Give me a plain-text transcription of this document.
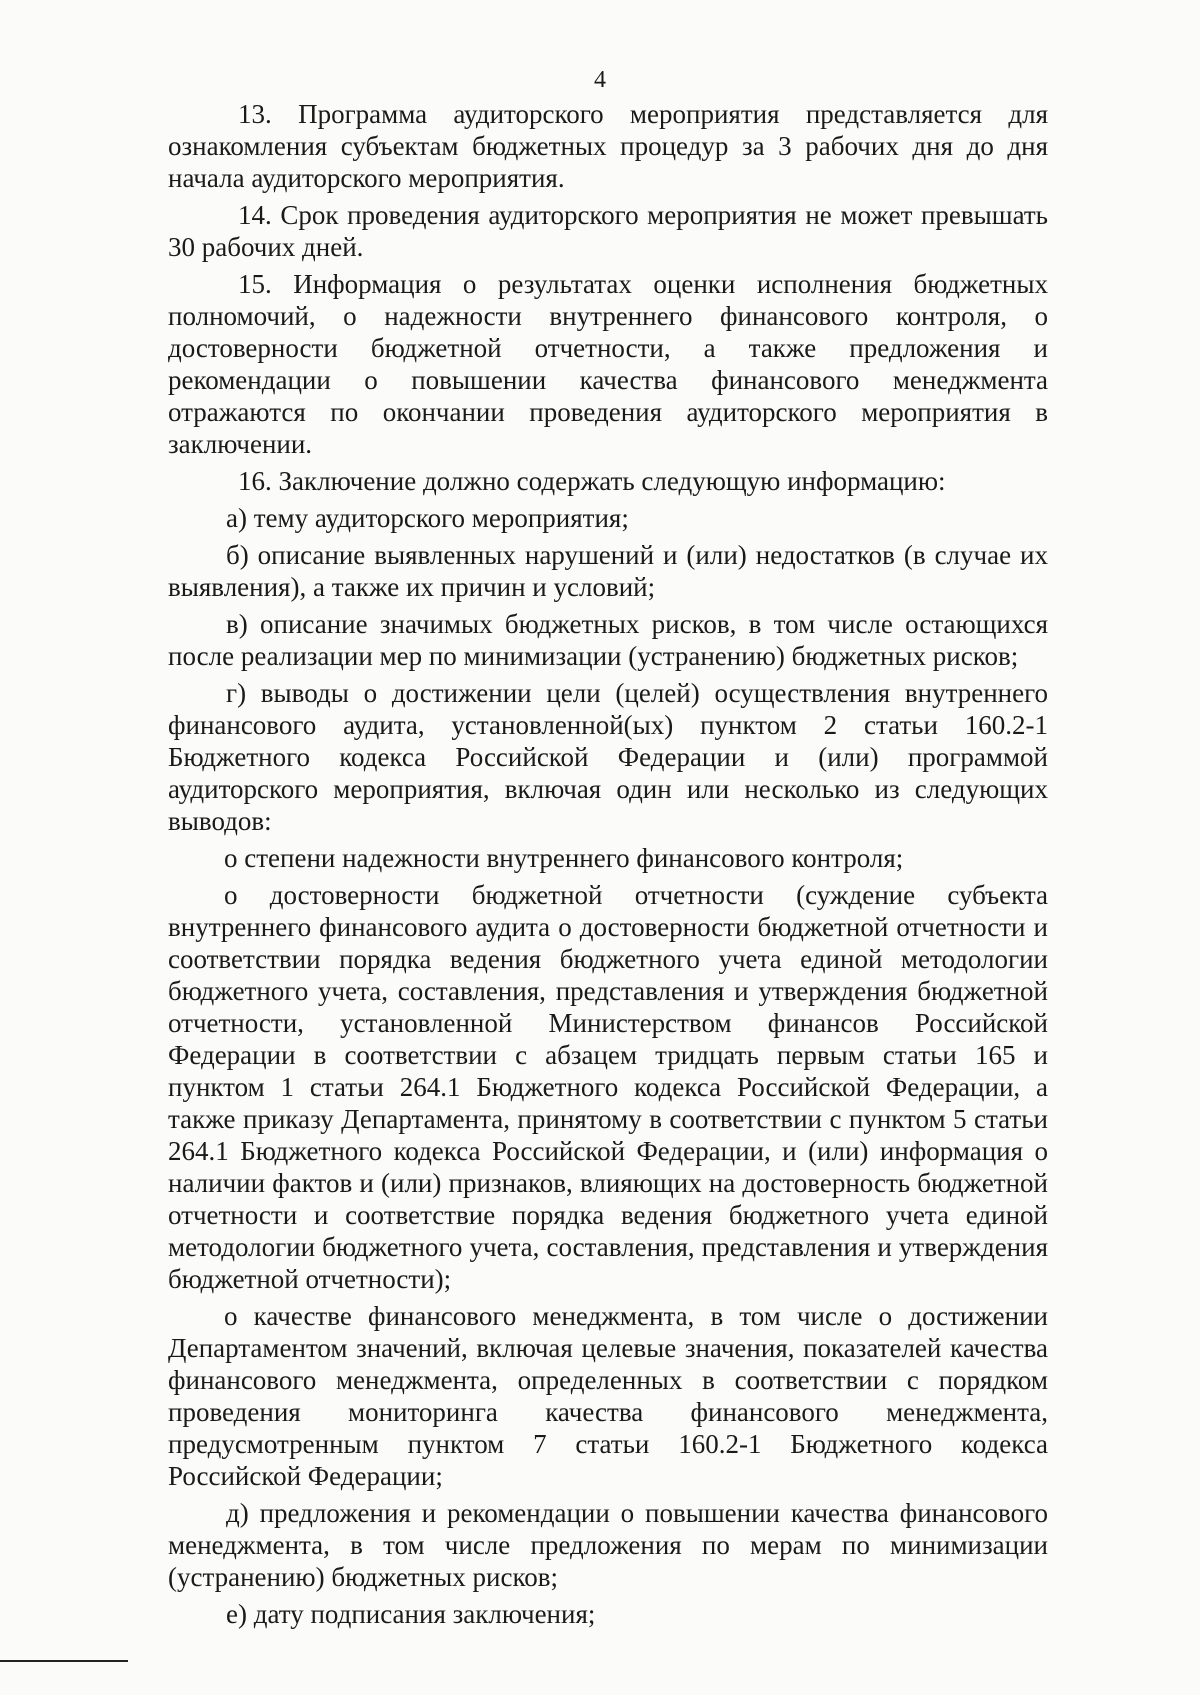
4

13. Программа аудиторского мероприятия представляется для ознакомления субъектам бюджетных процедур за 3 рабочих дня до дня начала аудиторского мероприятия.

14. Срок проведения аудиторского мероприятия не может превышать 30 рабочих дней.

15. Информация о результатах оценки исполнения бюджетных полномочий, о надежности внутреннего финансового контроля, о достоверности бюджетной отчетности, а также предложения и рекомендации о повышении качества финансового менеджмента отражаются по окончании проведения аудиторского мероприятия в заключении.

16. Заключение должно содержать следующую информацию:

а) тему аудиторского мероприятия;

б) описание выявленных нарушений и (или) недостатков (в случае их выявления), а также их причин и условий;

в) описание значимых бюджетных рисков, в том числе остающихся после реализации мер по минимизации (устранению) бюджетных рисков;

г) выводы о достижении цели (целей) осуществления внутреннего финансового аудита, установленной(ых) пунктом 2 статьи 160.2-1 Бюджетного кодекса Российской Федерации и (или) программой аудиторского мероприятия, включая один или несколько из следующих выводов:

о степени надежности внутреннего финансового контроля;

о достоверности бюджетной отчетности (суждение субъекта внутреннего финансового аудита о достоверности бюджетной отчетности и соответствии порядка ведения бюджетного учета единой методологии бюджетного учета, составления, представления и утверждения бюджетной отчетности, установленной Министерством финансов Российской Федерации в соответствии с абзацем тридцать первым статьи 165 и пунктом 1 статьи 264.1 Бюджетного кодекса Российской Федерации, а также приказу Департамента, принятому в соответствии с пунктом 5 статьи 264.1 Бюджетного кодекса Российской Федерации, и (или) информация о наличии фактов и (или) признаков, влияющих на достоверность бюджетной отчетности и соответствие порядка ведения бюджетного учета единой методологии бюджетного учета, составления, представления и утверждения бюджетной отчетности);

о качестве финансового менеджмента, в том числе о достижении Департаментом значений, включая целевые значения, показателей качества финансового менеджмента, определенных в соответствии с порядком проведения мониторинга качества финансового менеджмента, предусмотренным пунктом 7 статьи 160.2-1 Бюджетного кодекса Российской Федерации;

д) предложения и рекомендации о повышении качества финансового менеджмента, в том числе предложения по мерам по минимизации (устранению) бюджетных рисков;

е) дату подписания заключения;
